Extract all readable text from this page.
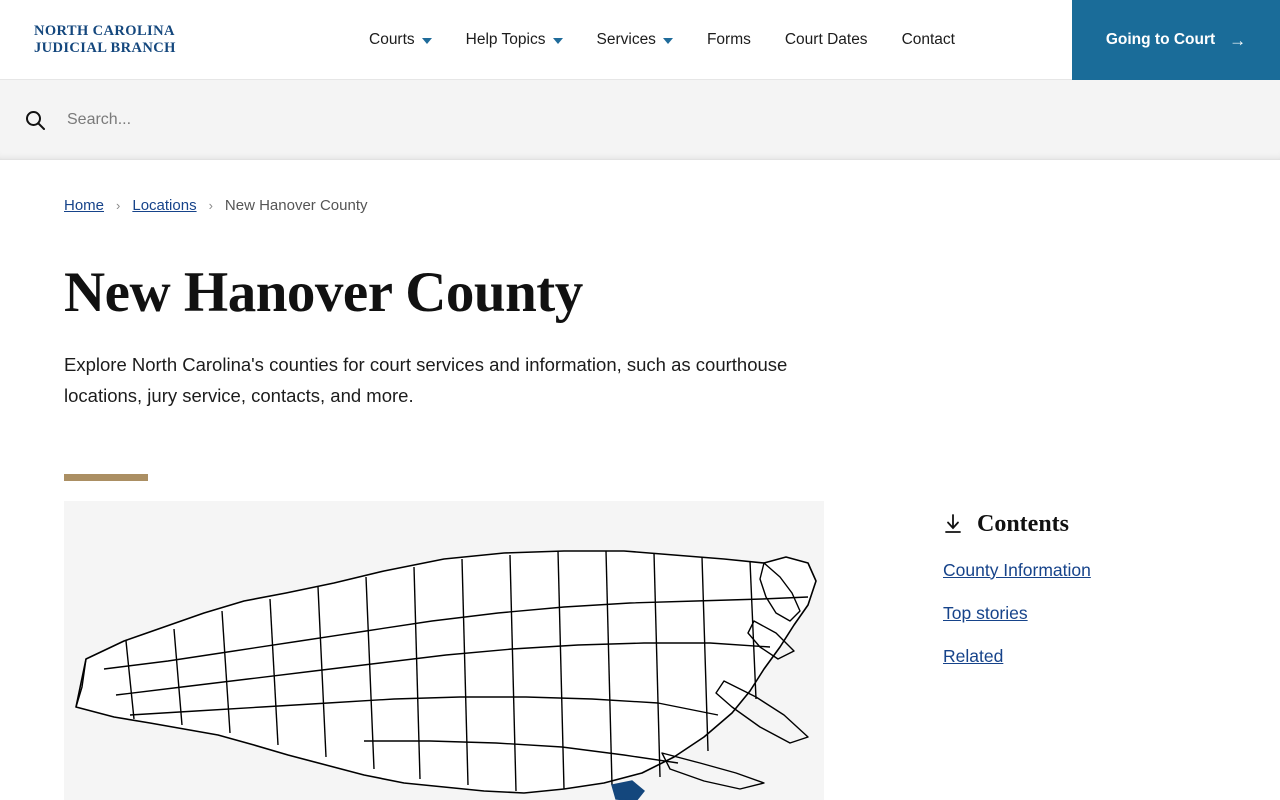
NORTH CAROLINA
JUDICIAL BRANCH	Courts	Help Topics	Services	Forms Court Dates Contact	Going to Court →
Search...
Home › Locations › New Hanover County
New Hanover County

Explore North Carolina's counties for court services and information, such as courthouse locations, jury service, contacts, and more.

Contents
County Information
Top stories
Related
